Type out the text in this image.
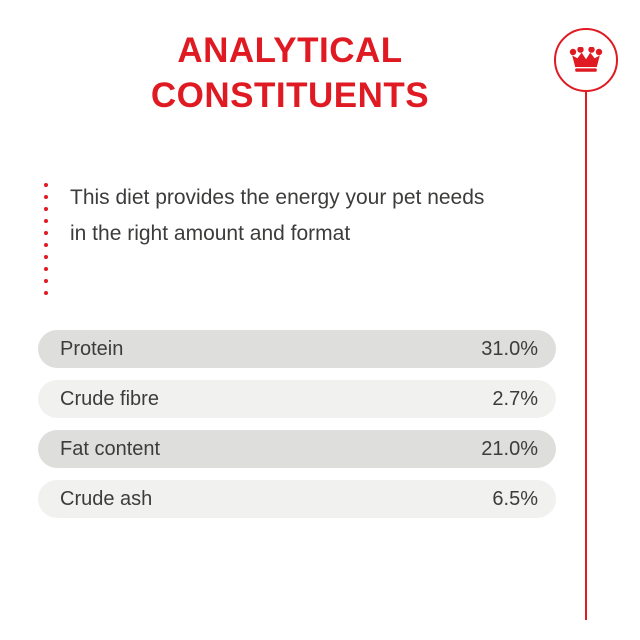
ANALYTICAL
CONSTITUENTS
This diet provides the energy your pet needs
in the right amount and format
Protein	31.0%
Crude fibre	2.7%
Fat content	21.0%
Crude ash	6.5%
